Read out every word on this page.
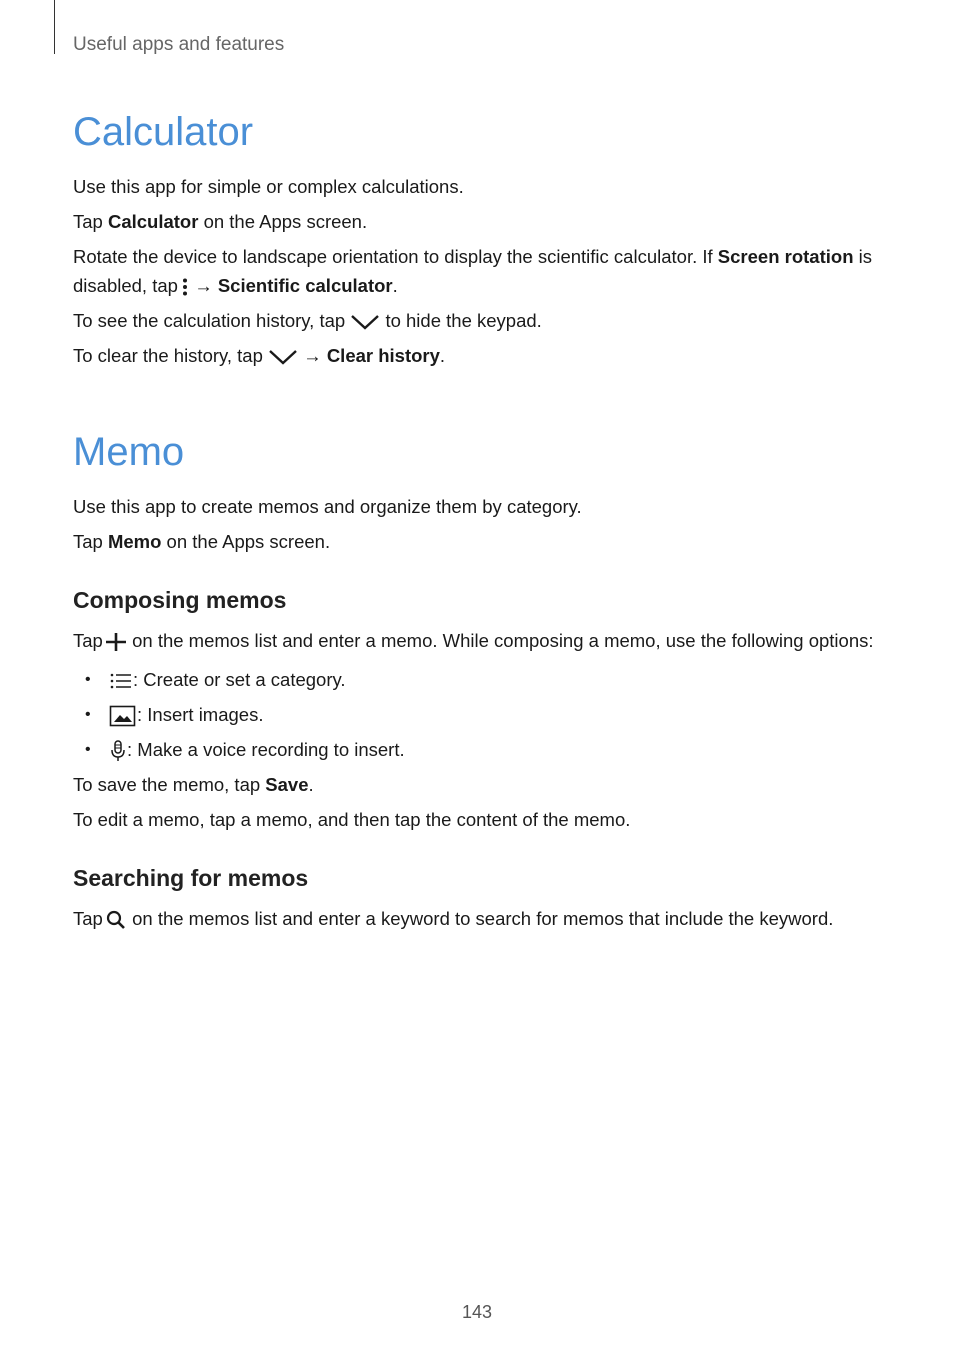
Useful apps and features
Calculator

Use this app for simple or complex calculations.

Tap Calculator on the Apps screen.

Rotate the device to landscape orientation to display the scientific calculator. If Screen rotation is disabled, tap
→ Scientific calculator.

To see the calculation history, tap
to hide the keypad.

To clear the history, tap
→ Clear history.

Memo

Use this app to create memos and organize them by category.

Tap Memo on the Apps screen.

Composing memos

Tap
on the memos list and enter a memo. While composing a memo, use the following options:

• : Create or set a category.
•	: Insert images.
• : Make a voice recording to insert.

To save the memo, tap Save.

To edit a memo, tap a memo, and then tap the content of the memo.

Searching for memos

Tap
on the memos list and enter a keyword to search for memos that include the keyword.

143
